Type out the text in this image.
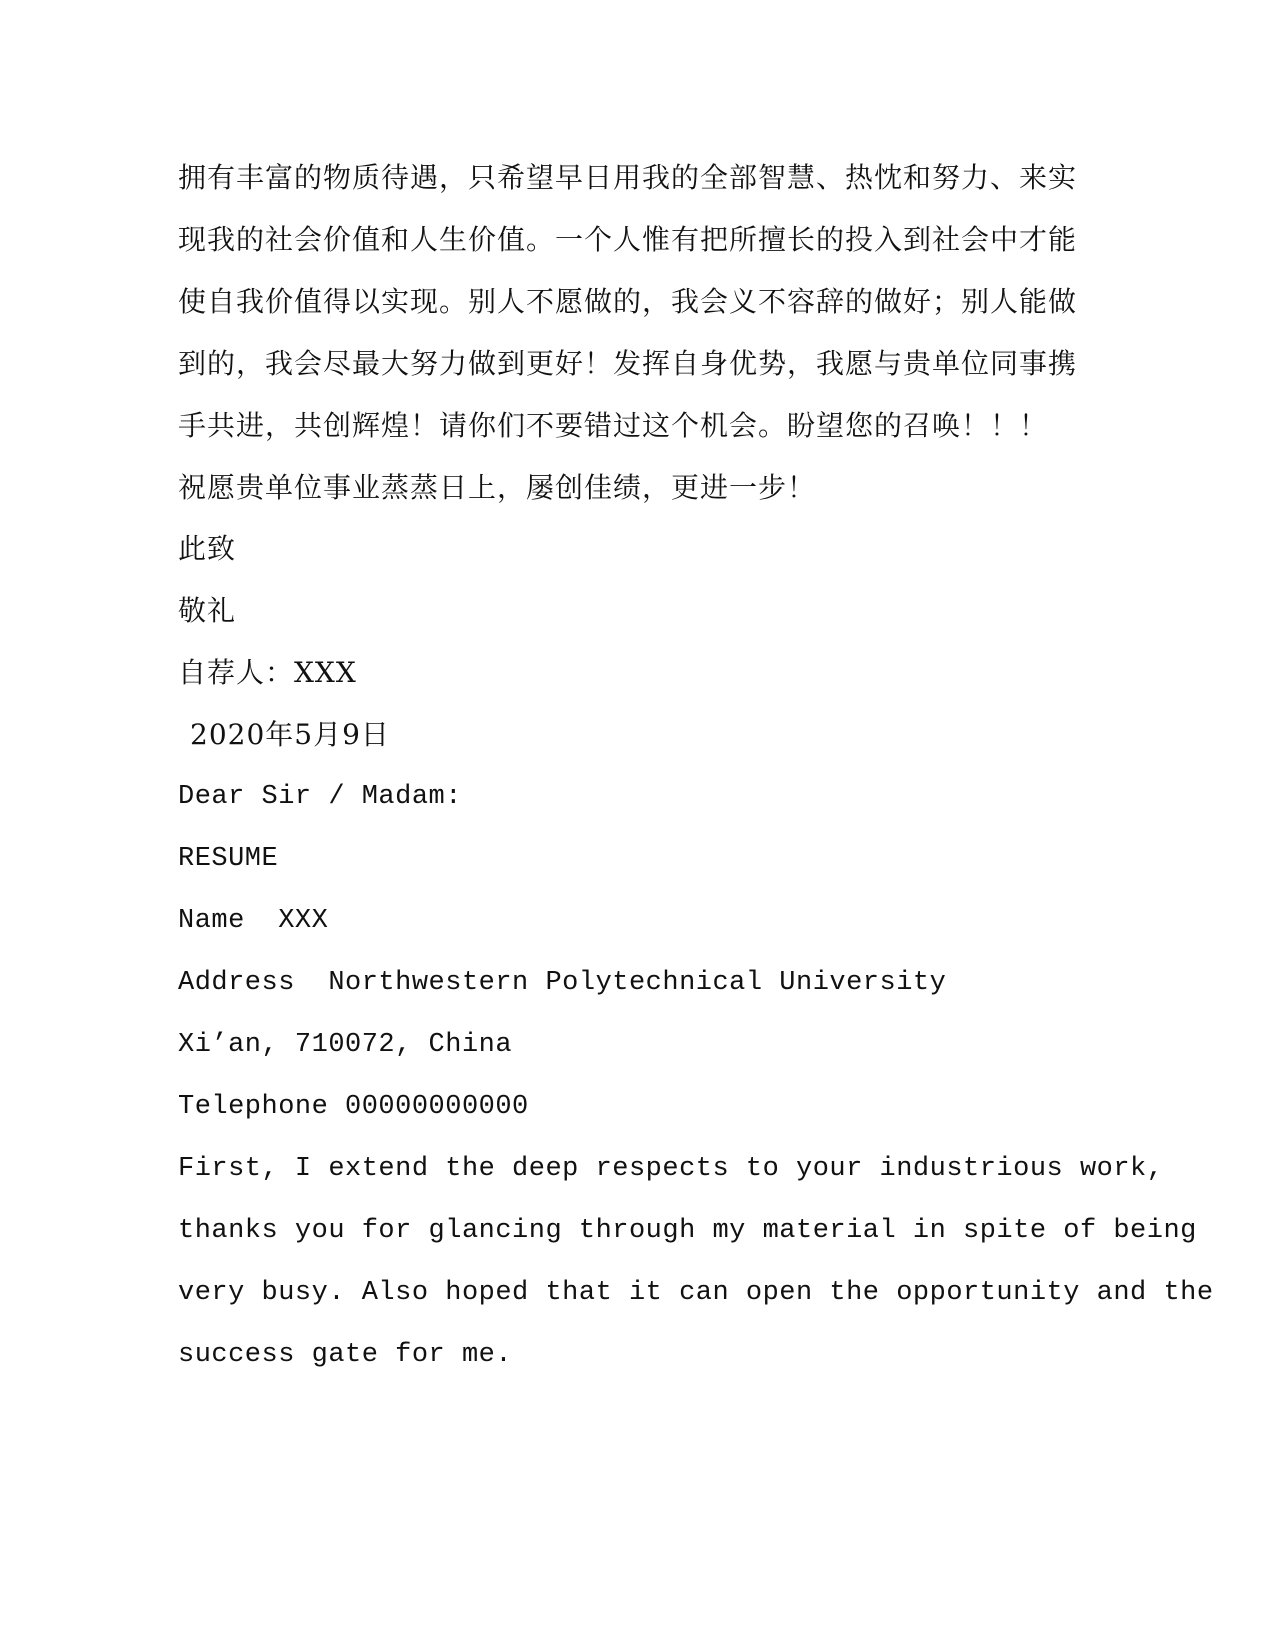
拥有丰富的物质待遇，只希望早日用我的全部智慧、热忱和努力、来实
现我的社会价值和人生价值。一个人惟有把所擅长的投入到社会中才能
使自我价值得以实现。别人不愿做的，我会义不容辞的做好；别人能做
到的，我会尽最大努力做到更好！发挥自身优势，我愿与贵单位同事携
手共进，共创辉煌！请你们不要错过这个机会。盼望您的召唤！！！
祝愿贵单位事业蒸蒸日上，屡创佳绩，更进一步！
此致
敬礼
自荐人：XXX
2020年5月9日
Dear Sir / Madam:
RESUME
Name  XXX
Address  Northwestern Polytechnical University
Xi’an, 710072, China
Telephone 00000000000
First, I extend the deep respects to your industrious work,
thanks you for glancing through my material in spite of being
very busy. Also hoped that it can open the opportunity and the
success gate for me.
